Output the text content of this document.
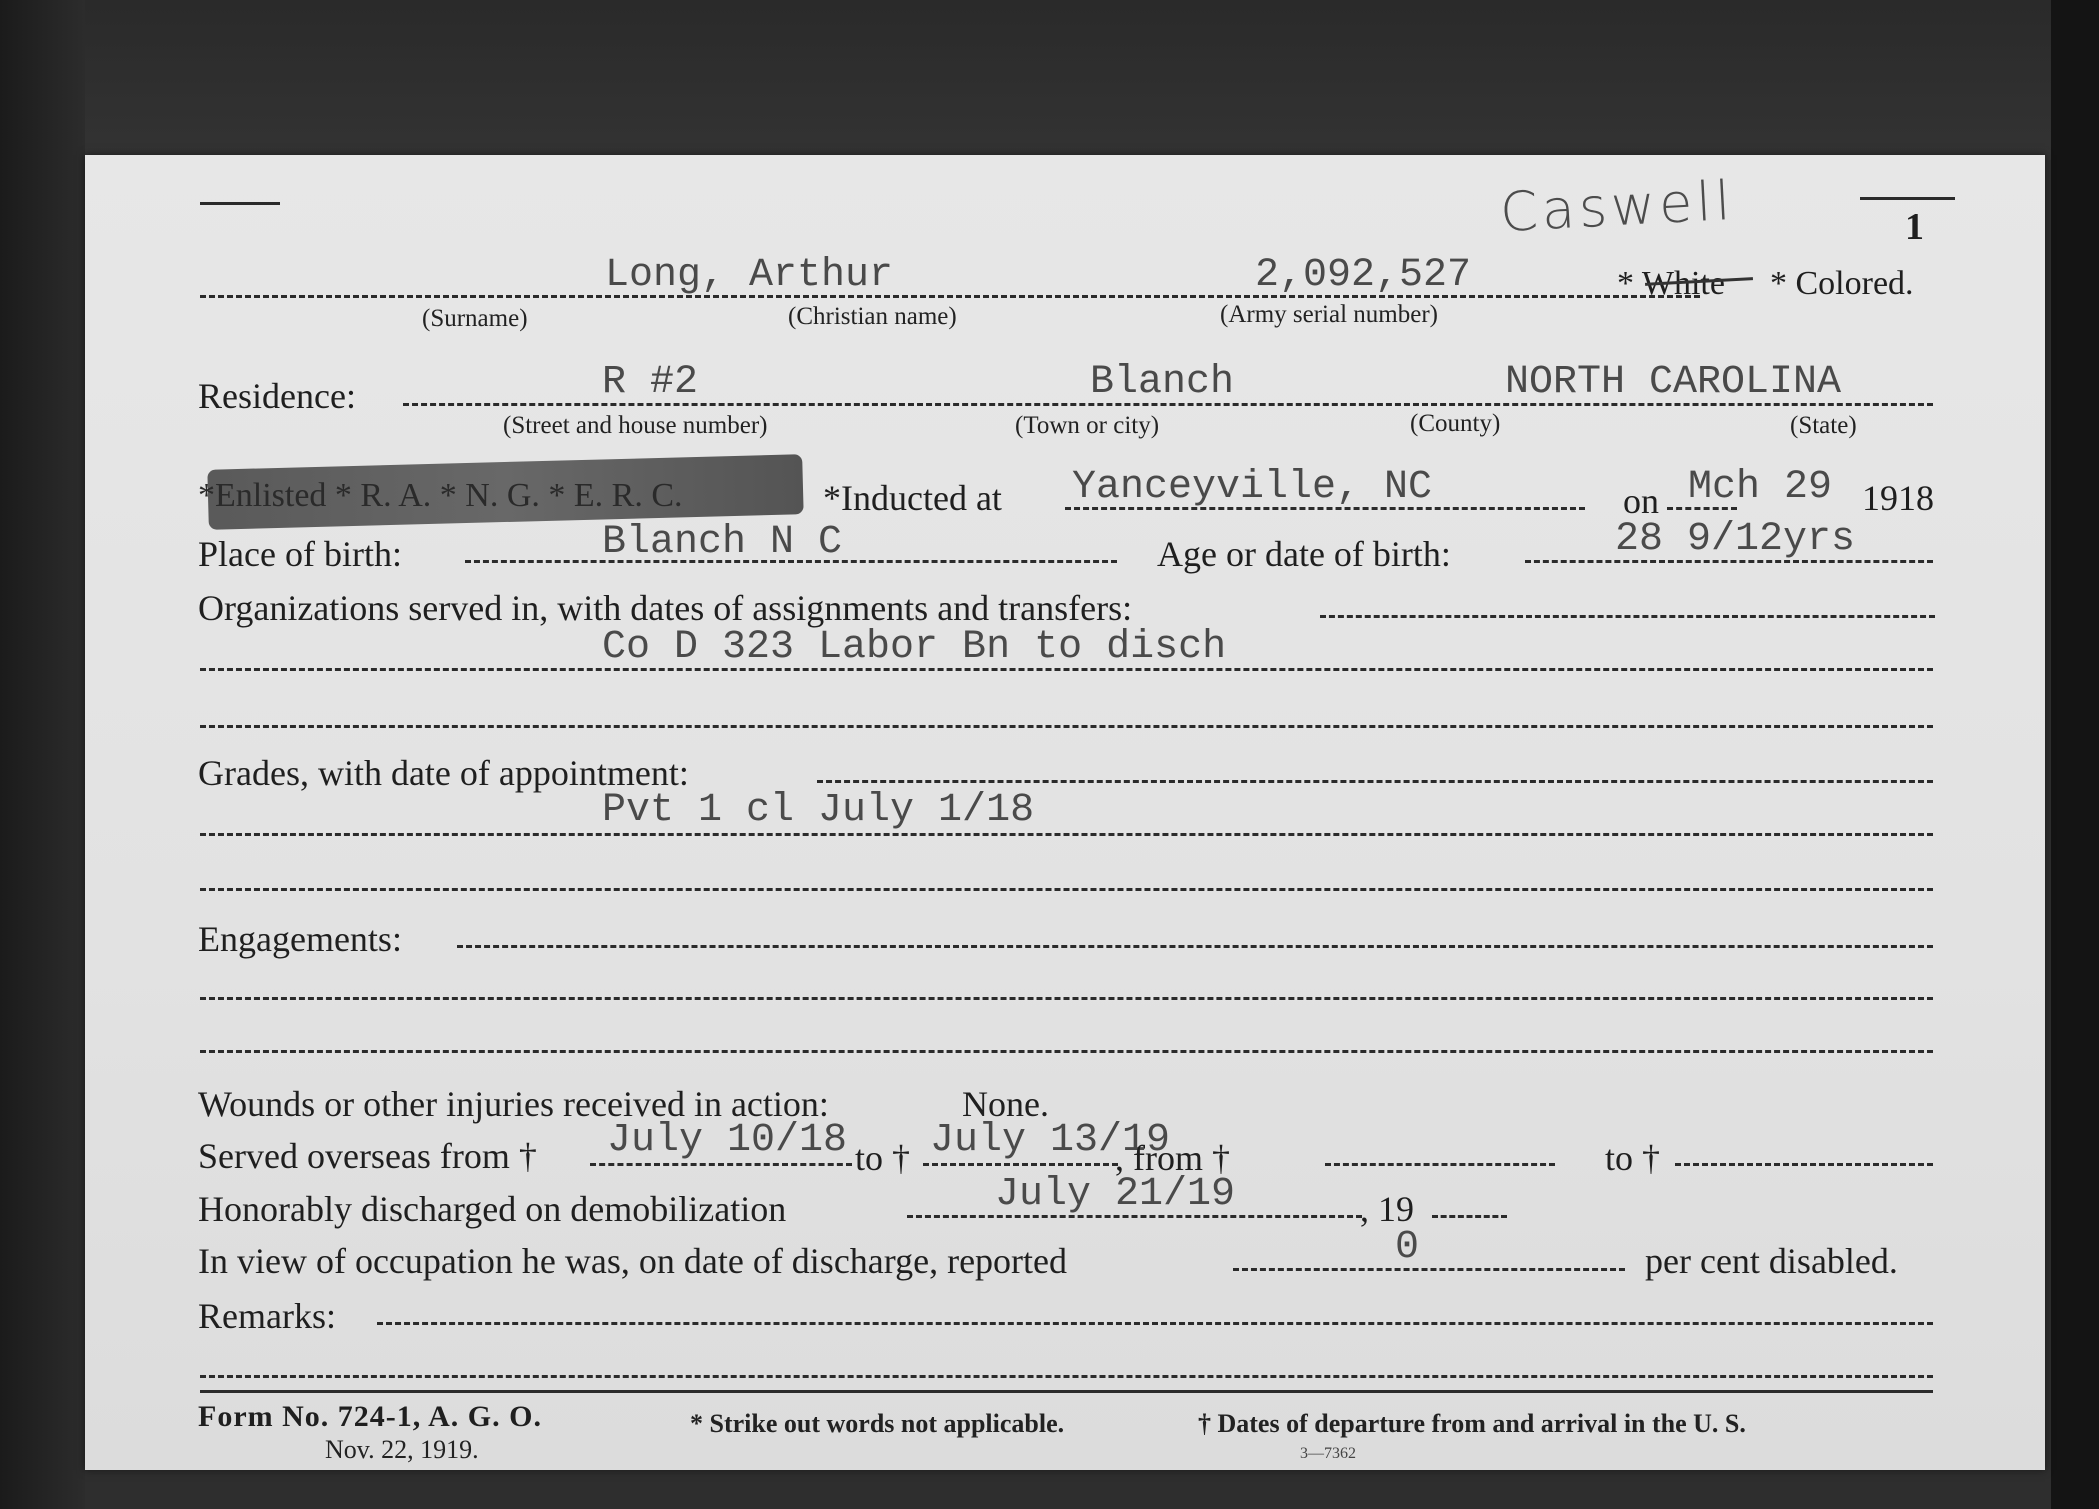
Caswell	1
Long, Arthur	2,092,527	* White * Colored.
(Surname)	(Christian name)	(Army serial number)
Residence:	R #2	Blanch	NORTH CAROLINA
(Street and house number)	(Town or city)	(County)	(State)
*Enlisted * R. A. * N. G. * E. R. C.	*Inducted at Yanceyville, NC	on Mch 29 1918
Place of birth:	Blanch N C	Age or date of birth:	28 9/12yrs
Organizations served in, with dates of assignments and transfers:
Co D 323 Labor Bn to disch
Grades, with date of appointment:
Pvt 1 cl July 1/18
Engagements:
Wounds or other injuries received in action:	None.
Served overseas from † July 10/18 to † July 13/19
, from †	to †
Honorably discharged on demobilization	July 21/19	, 19
In view of occupation he was, on date of discharge, reported	0	per cent disabled.
Remarks:
Form No. 724-1, A. G. O.
Nov. 22, 1919.
* Strike out words not applicable.	† Dates of departure from and arrival in the U. S.
3—7362
